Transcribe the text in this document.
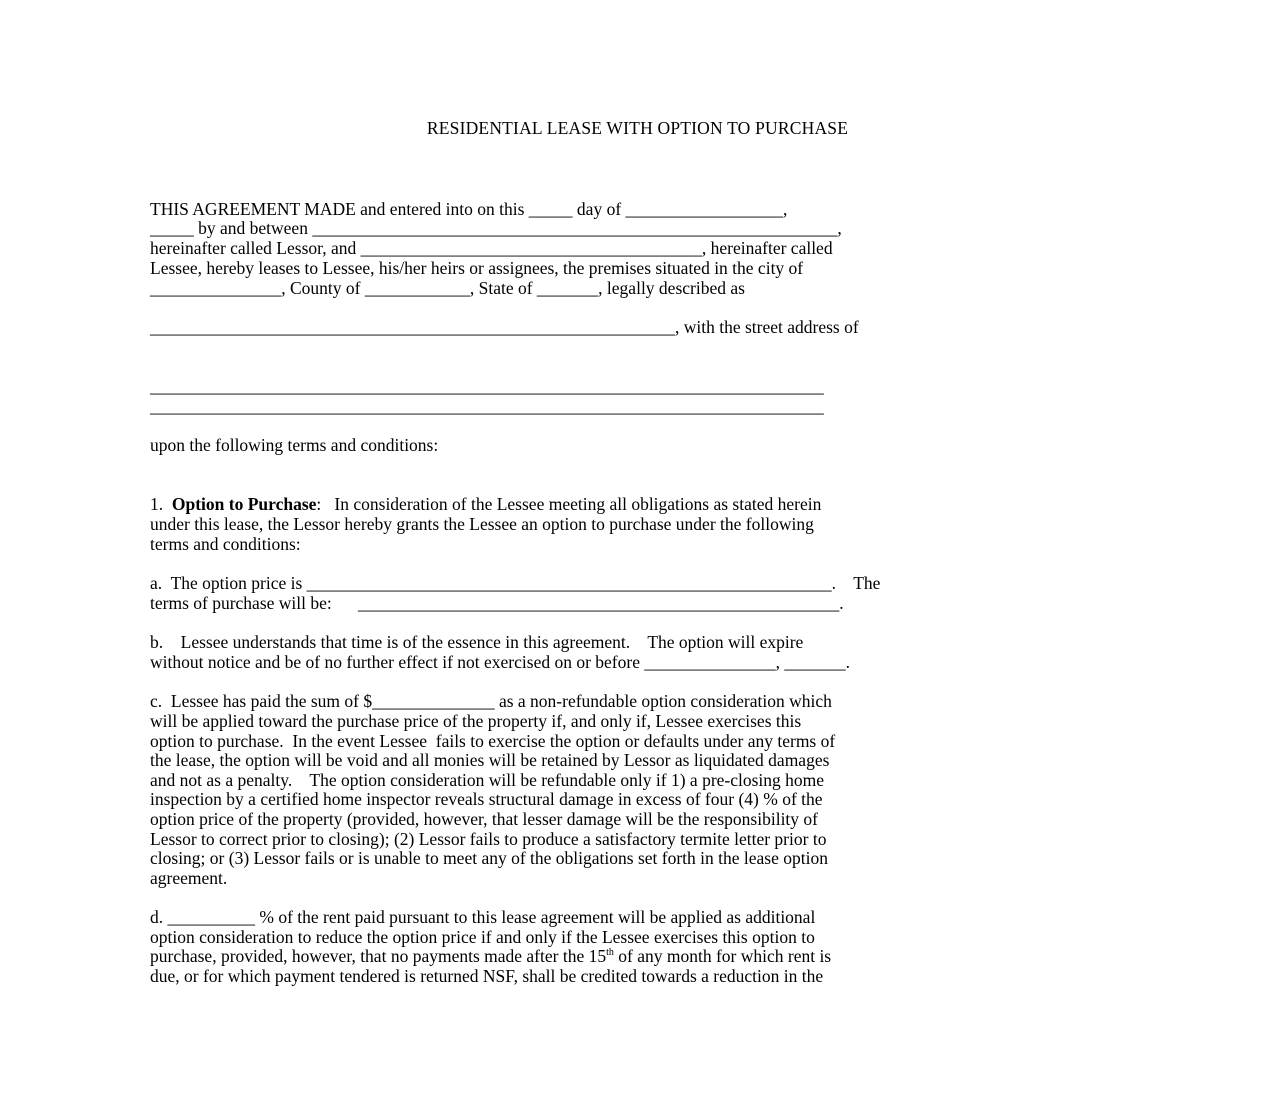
RESIDENTIAL LEASE WITH OPTION TO PURCHASE
THIS AGREEMENT MADE and entered into on this _____ day of __________________,
_____ by and between ____________________________________________________________,
hereinafter called Lessor, and _______________________________________, hereinafter called
Lessee, hereby leases to Lessee, his/her heirs or assignees, the premises situated in the city of
_______________, County of ____________, State of _______, legally described as
____________________________________________________________, with the street address of
_____________________________________________________________________________
_____________________________________________________________________________
upon the following terms and conditions:
1. Option to Purchase:   In consideration of the Lessee meeting all obligations as stated herein
under this lease, the Lessor hereby grants the Lessee an option to purchase under the following
terms and conditions:
a.  The option price is ____________________________________________________________.    The
terms of purchase will be:      _______________________________________________________.
b.    Lessee understands that time is of the essence in this agreement.    The option will expire
without notice and be of no further effect if not exercised on or before _______________, _______.
c.  Lessee has paid the sum of $______________ as a non-refundable option consideration which
will be applied toward the purchase price of the property if, and only if, Lessee exercises this
option to purchase.  In the event Lessee  fails to exercise the option or defaults under any terms of
the lease, the option will be void and all monies will be retained by Lessor as liquidated damages
and not as a penalty.    The option consideration will be refundable only if 1) a pre-closing home
inspection by a certified home inspector reveals structural damage in excess of four (4) % of the
option price of the property (provided, however, that lesser damage will be the responsibility of
Lessor to correct prior to closing); (2) Lessor fails to produce a satisfactory termite letter prior to
closing; or (3) Lessor fails or is unable to meet any of the obligations set forth in the lease option
agreement.
d. __________ % of the rent paid pursuant to this lease agreement will be applied as additional
option consideration to reduce the option price if and only if the Lessee exercises this option to
purchase, provided, however, that no payments made after the 15th of any month for which rent is
due, or for which payment tendered is returned NSF, shall be credited towards a reduction in the
